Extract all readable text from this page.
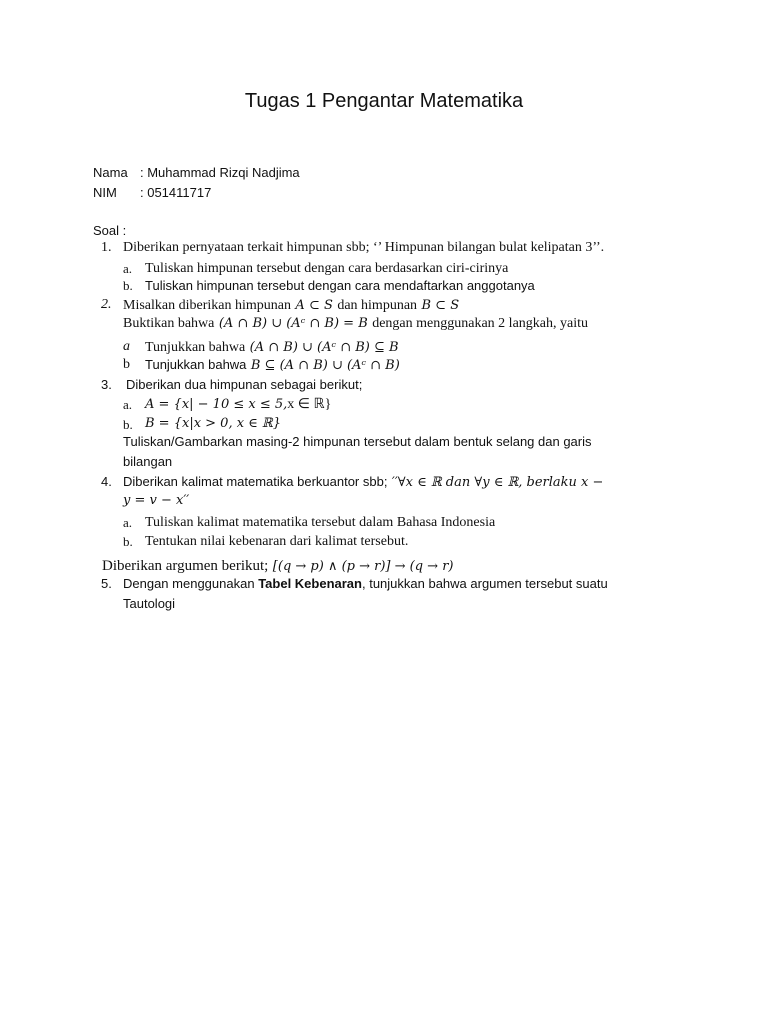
Tugas 1 Pengantar Matematika
Nama : Muhammad Rizqi Nadjima
NIM : 051411717
Soal :
1. Diberikan pernyataan terkait himpunan sbb; ‘’ Himpunan bilangan bulat kelipatan 3’’.
a. Tuliskan himpunan tersebut dengan cara berdasarkan ciri-cirinya
b. Tuliskan himpunan tersebut dengan cara mendaftarkan anggotanya
2. Misalkan diberikan himpunan A ⊂ S dan himpunan B ⊂ S
Buktikan bahwa (A ∩ B) ∪ (Aᶜ ∩ B) = B dengan menggunakan 2 langkah, yaitu
a Tunjukkan bahwa (A ∩ B) ∪ (Aᶜ ∩ B) ⊆ B
b Tunjukkan bahwa B ⊆ (A ∩ B) ∪ (Aᶜ ∩ B)
3. Diberikan dua himpunan sebagai berikut;
a. A = {x| − 10 ≤ x ≤ 5,x ∈ ℝ}
b. B = {x|x > 0, x ∈ ℝ}
Tuliskan/Gambarkan masing-2 himpunan tersebut dalam bentuk selang dan garis
bilangan
4. Diberikan kalimat matematika berkuantor sbb; ′′∀x ∈ ℝ dan ∀y ∈ ℝ, berlaku x −
y = v − x′′
a. Tuliskan kalimat matematika tersebut dalam Bahasa Indonesia
b. Tentukan nilai kebenaran dari kalimat tersebut.
Diberikan argumen berikut; [(q → p) ∧ (p → r)] → (q → r)
5. Dengan menggunakan Tabel Kebenaran, tunjukkan bahwa argumen tersebut suatu
Tautologi
